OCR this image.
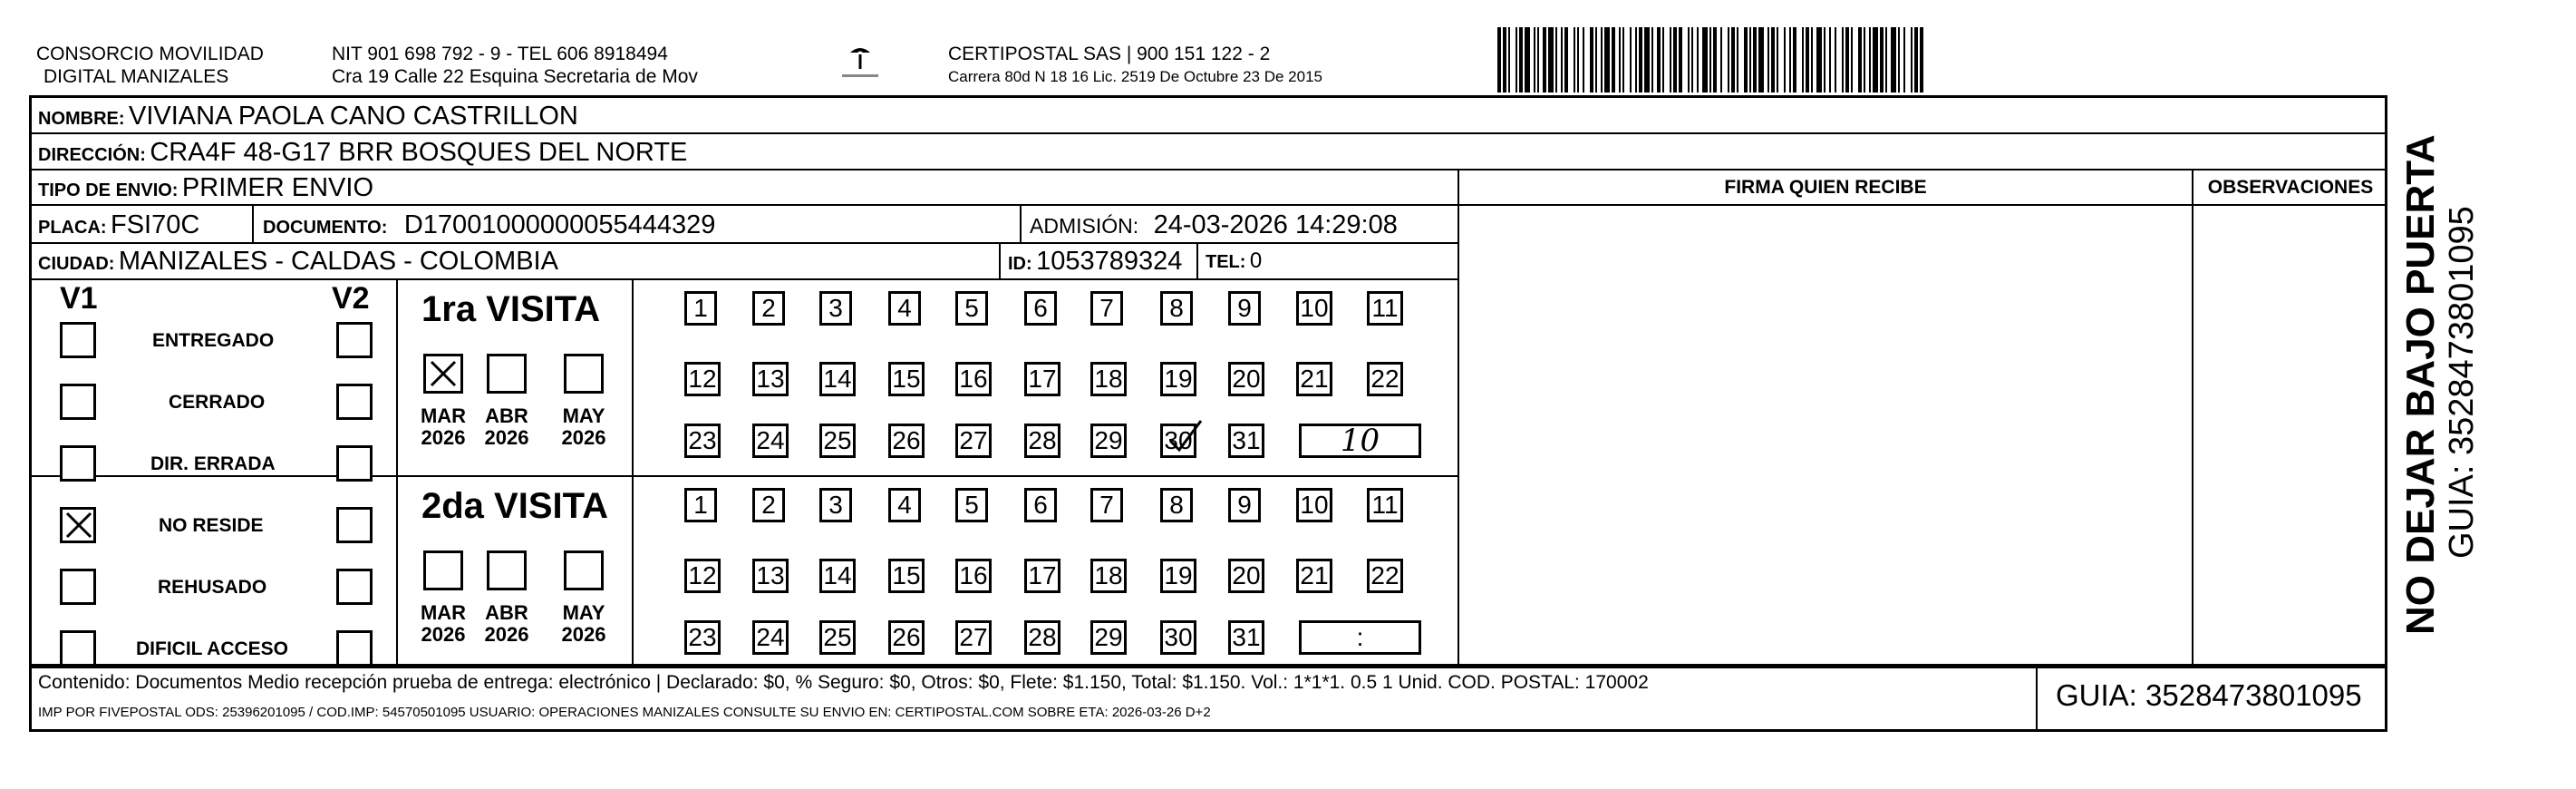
CONSORCIO MOVILIDAD
DIGITAL MANIZALES
NIT 901 698 792 - 9 - TEL 606 8918494
Cra 19 Calle 22 Esquina Secretaria de Mov
CERTIPOSTAL SAS | 900 151 122 - 2
Carrera 80d N 18 16 Lic. 2519 De Octubre 23 De 2015
NOMBRE: VIVIANA PAOLA CANO CASTRILLON
DIRECCIÓN: CRA4F 48-G17 BRR BOSQUES DEL NORTE
TIPO DE ENVIO: PRIMER ENVIO	FIRMA QUIEN RECIBE	OBSERVACIONES
PLACA: FSI70C	DOCUMENTO: D17001000000055444329	ADMISIÓN: 24-03-2026 14:29:08
CIUDAD: MANIZALES - CALDAS - COLOMBIA	ID: 1053789324 TEL: 0
V1	V2
ENTREGADO
CERRADO
DIR. ERRADA
NO RESIDE
REHUSADO
DIFICIL ACCESO
1ra VISITA
MAR
2026
ABR
2026
MAY
2026
1	2	3	4	5	6	7	8	9	10 11
12 13 14 15 16 17 18 19 20 21 22
23 24 25 26 27 28 29 30 31	10
2da VISITA
MAR
2026
ABR
2026
MAY
2026
1	2	3	4	5	6	7	8	9	10 11
12 13 14 15 16 17 18 19 20 21 22
23 24 25 26 27 28 29 30 31	:
Contenido: Documentos Medio recepción prueba de entrega: electrónico | Declarado: $0, % Seguro: $0, Otros: $0, Flete: $1.150, Total: $1.150. Vol.: 1*1*1. 0.5 1 Unid. COD. POSTAL: 170002
IMP POR FIVEPOSTAL ODS: 25396201095 / COD.IMP: 54570501095 USUARIO: OPERACIONES MANIZALES CONSULTE SU ENVIO EN: CERTIPOSTAL.COM SOBRE ETA: 2026-03-26 D+2
GUIA: 3528473801095
NO DEJAR BAJO PUERTA GUIA: 3528473801095
